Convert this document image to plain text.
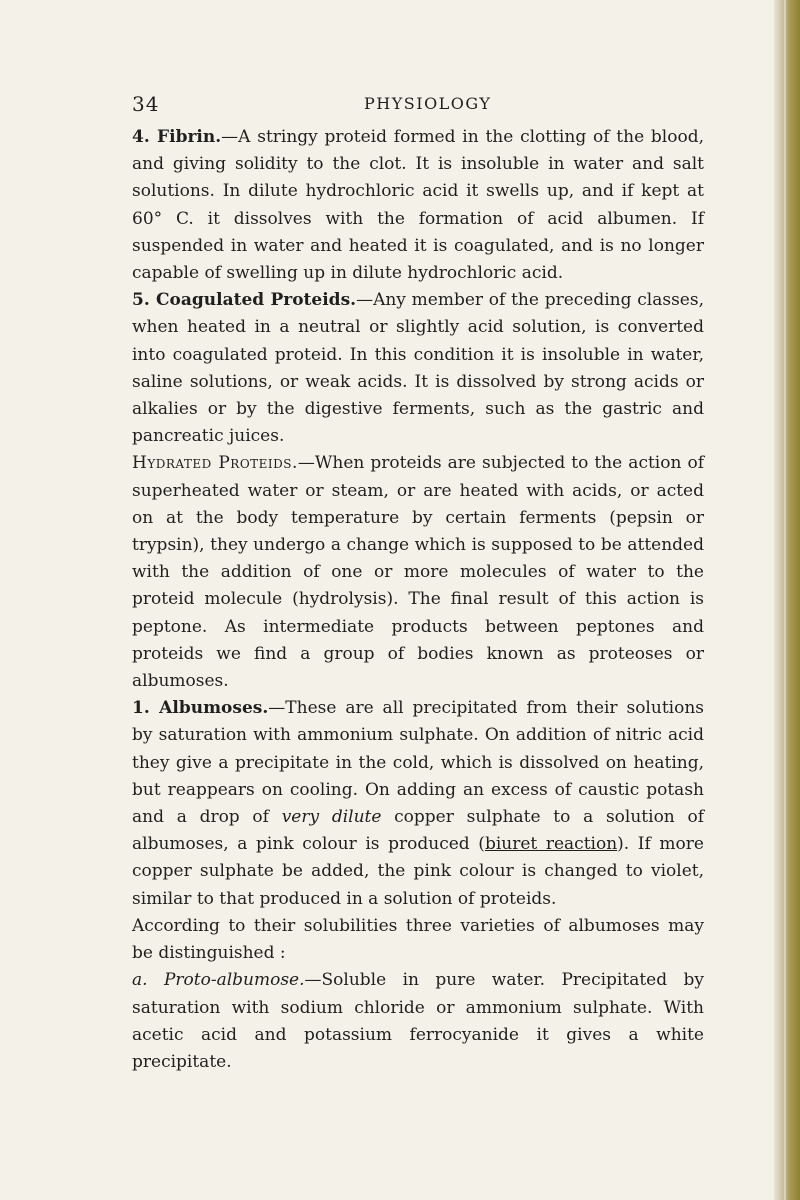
34	PHYSIOLOGY

4. Fibrin.—A stringy proteid formed in the clotting of the blood, and giving solidity to the clot. It is insoluble in water and salt solutions. In dilute hydrochloric acid it swells up, and if kept at 60° C. it dissolves with the formation of acid albumen. If suspended in water and heated it is coagulated, and is no longer capable of swelling up in dilute hydrochloric acid.

5. Coagulated Proteids.—Any member of the preceding classes, when heated in a neutral or slightly acid solution, is converted into coagulated proteid. In this condition it is insoluble in water, saline solutions, or weak acids. It is dissolved by strong acids or alkalies or by the digestive ferments, such as the gastric and pancreatic juices.

Hydrated Proteids.—When proteids are subjected to the action of superheated water or steam, or are heated with acids, or acted on at the body temperature by certain ferments (pepsin or trypsin), they undergo a change which is supposed to be attended with the addition of one or more molecules of water to the proteid molecule (hydrolysis). The final result of this action is peptone. As intermediate products between peptones and proteids we find a group of bodies known as proteoses or albumoses.

1. Albumoses.—These are all precipitated from their solutions by saturation with ammonium sulphate. On addition of nitric acid they give a precipitate in the cold, which is dissolved on heating, but reappears on cooling. On adding an excess of caustic potash and a drop of very dilute copper sulphate to a solution of albumoses, a pink colour is produced (biuret reaction). If more copper sulphate be added, the pink colour is changed to violet, similar to that produced in a solution of proteids.

According to their solubilities three varieties of albumoses may be distinguished :

a. Proto-albumose.—Soluble in pure water. Precipitated by saturation with sodium chloride or ammonium sulphate. With acetic acid and potassium ferrocyanide it gives a white precipitate.
